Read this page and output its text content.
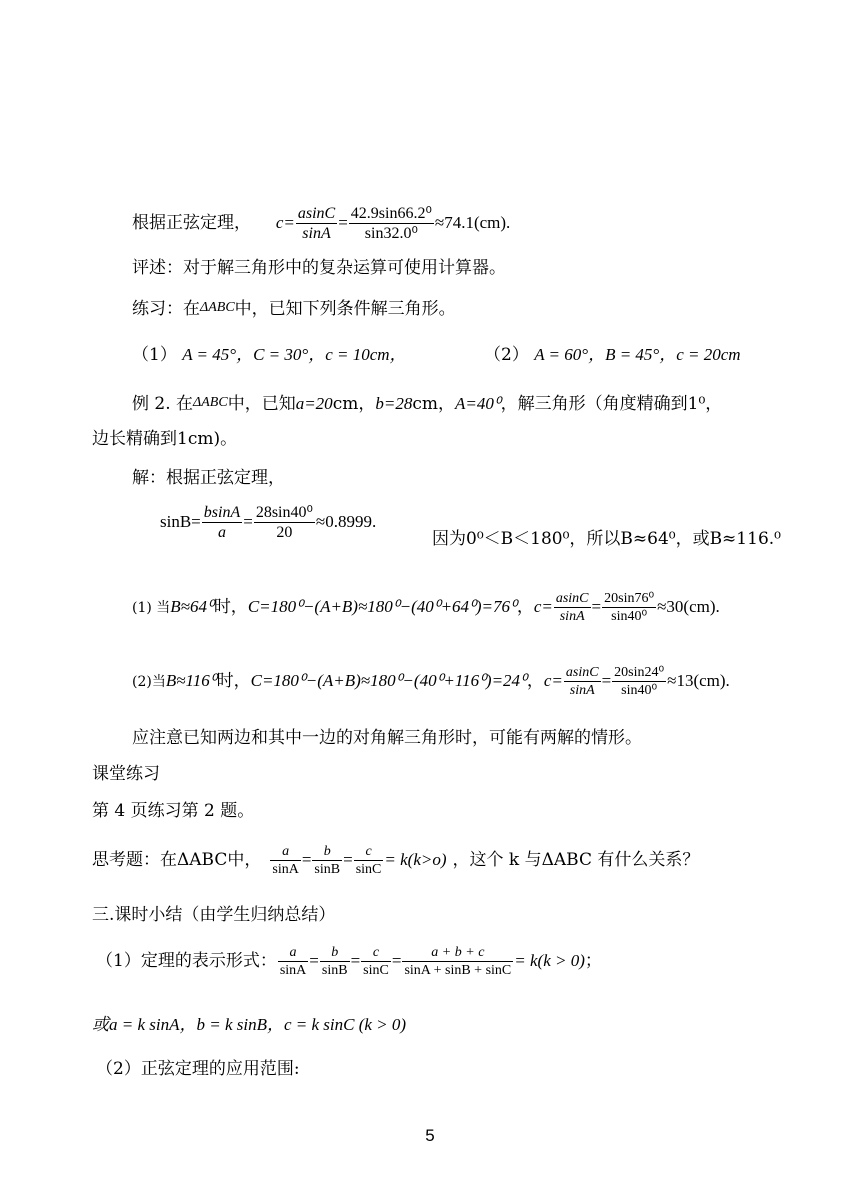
根据正弦定理， $c= \frac{asinC}{\sin A} = \frac{\text{42.9sin66.2⁰}}{\text{sin32.0⁰}} \approx 74.1(cm)$.
评述：对于解三角形中的复杂运算可使用计算器。
练习：在ΔABC中，已知下列条件解三角形。
（1） A = 45°，C = 30°，c = 10cm，	（2） A = 60°，B = 45°，c = 20cm
例 2. 在ΔABC中，已知a=20cm，b=28cm，A=40⁰，解三角形（角度精确到1⁰，
边长精确到1cm)。
解：根据正弦定理，
$\sin B= \frac{bsinA}{a} = \frac{\text{28sin40⁰}}{20} \approx 0.8999$.
因为0⁰＜B＜180⁰，所以B≈64⁰，或B≈116.⁰
(1) 当B≈64⁰时，C=180⁰−(A+B)≈180⁰−(40⁰+64⁰)=76⁰，$c= \frac{asinC}{\sin A} = \frac{\text{20sin76⁰}}{\text{sin40⁰}} \approx 30(cm)$.
(2)当B≈116⁰时，C=180⁰−(A+B)≈180⁰−(40⁰+116⁰)=24⁰，$c= \frac{asinC}{\sin A} = \frac{\text{20sin24⁰}}{\text{sin40⁰}} \approx 13(cm)$.
应注意已知两边和其中一边的对角解三角形时，可能有两解的情形。
课堂练习
第 4 页练习第 2 题。
思考题：在ΔABC中， $\frac{a}{\sin A} = \frac{b}{\sin B} = \frac{c}{\sin C} = k(k>o)$ ，这个 k 与ΔABC 有什么关系？
三.课时小结（由学生归纳总结）
（1）定理的表示形式： $\frac{a}{\sin A} = \frac{b}{\sin B} = \frac{c}{\sin C} = \frac{a + b + c}{\sin A + \sin B + \sin C} = k(k > 0)$；
或a = k sinA，b = k sinB，c = k sinC (k > 0)
（2）正弦定理的应用范围:
5
